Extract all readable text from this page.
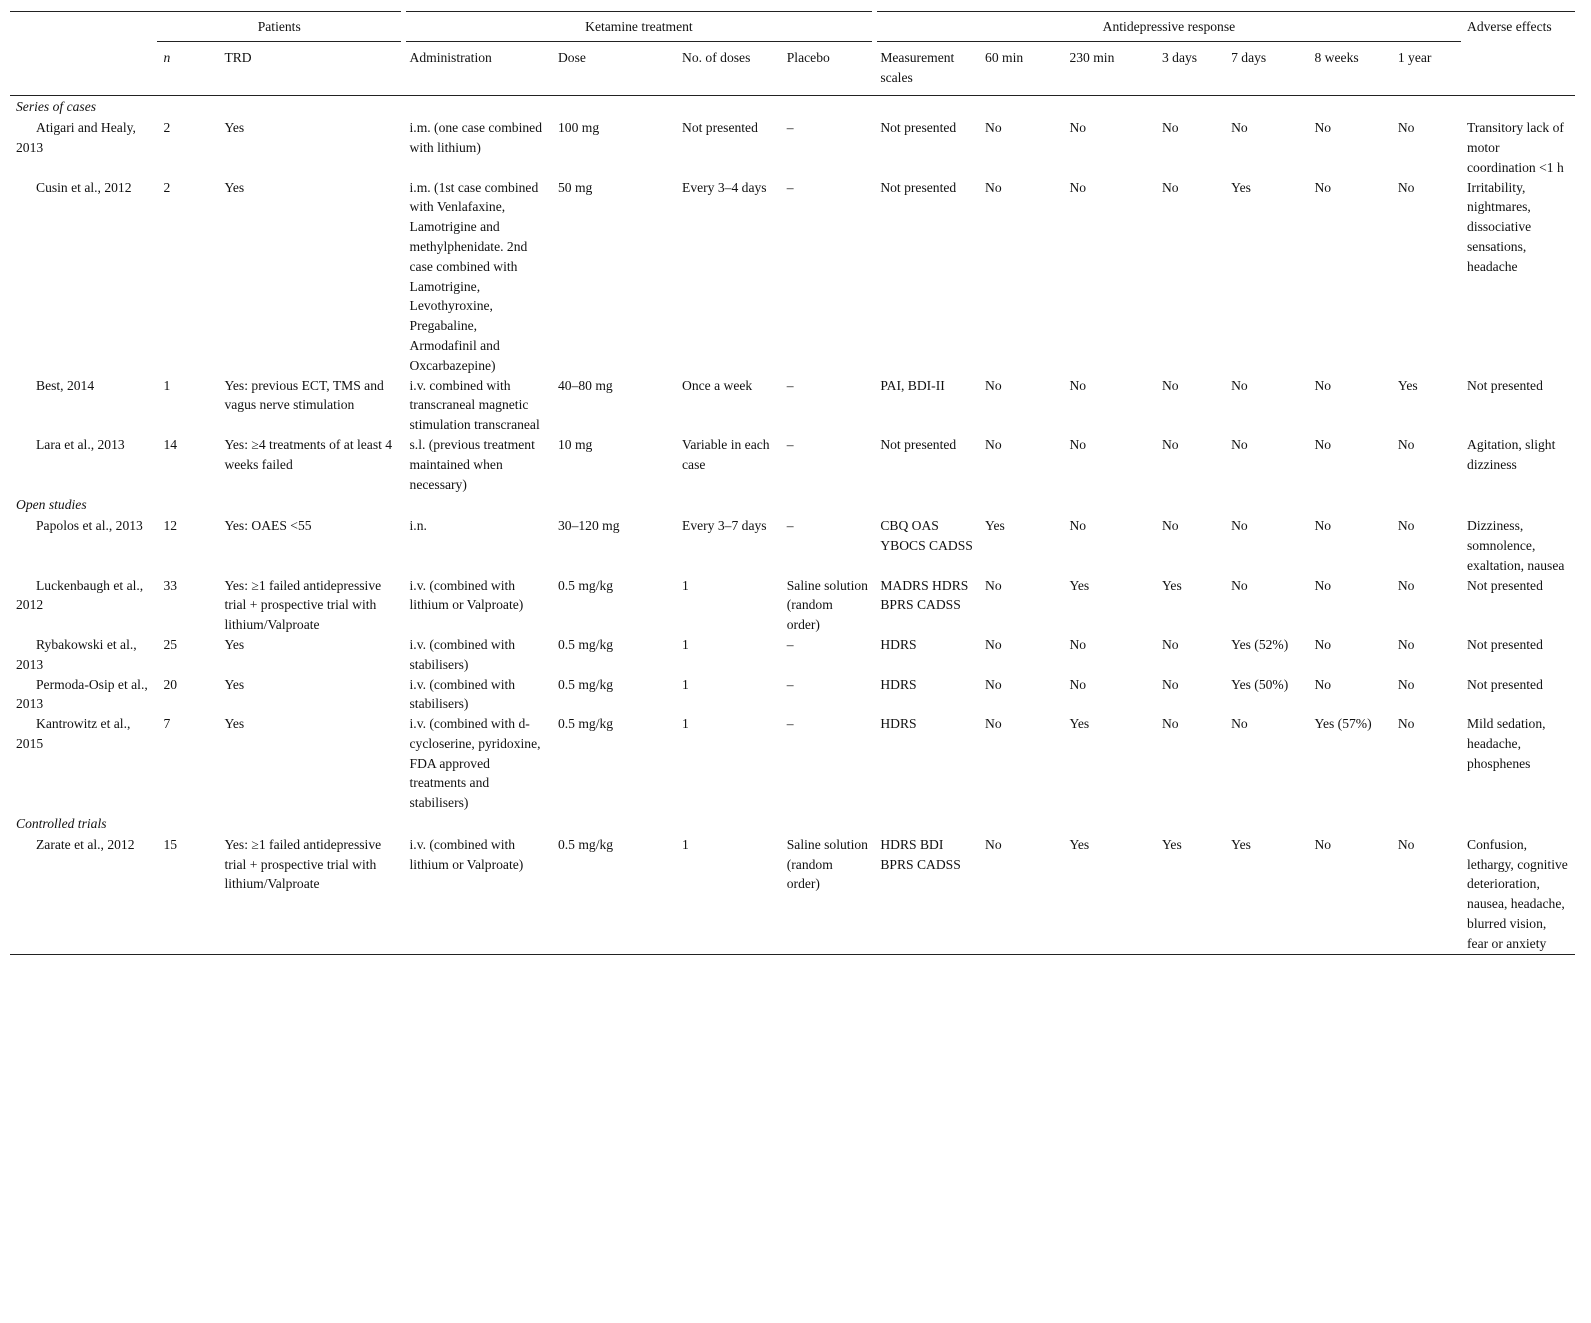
	Patients		Ketamine treatment				Antidepressive response							Adverse effects
	n	TRD	Administration	Dose	No. of doses	Placebo	Measurement scales	60 min	230 min	3 days	7 days	8 weeks	1 year	
Series of cases														
Atigari and Healy, 2013	2	Yes	i.m. (one case combined with lithium)	100 mg	Not presented	–	Not presented	No	No	No	No	No	No	Transitory lack of motor coordination <1 h
Cusin et al., 2012	2	Yes	i.m. (1st case combined with Venlafaxine, Lamotrigine and methylphenidate. 2nd case combined with Lamotrigine, Levothyroxine, Pregabaline, Armodafinil and Oxcarbazepine)	50 mg	Every 3–4 days	–	Not presented	No	No	No	Yes	No	No	Irritability, nightmares, dissociative sensations, headache
Best, 2014	1	Yes: previous ECT, TMS and vagus nerve stimulation	i.v. combined with transcraneal magnetic stimulation transcraneal	40–80 mg	Once a week	–	PAI, BDI-II	No	No	No	No	No	Yes	Not presented
Lara et al., 2013	14	Yes: ≥4 treatments of at least 4 weeks failed	s.l. (previous treatment maintained when necessary)	10 mg	Variable in each case	–	Not presented	No	No	No	No	No	No	Agitation, slight dizziness
Open studies														
Papolos et al., 2013	12	Yes: OAES <55	i.n.	30–120 mg	Every 3–7 days	–	CBQ OAS YBOCS CADSS	Yes	No	No	No	No	No	Dizziness, somnolence, exaltation, nausea
Luckenbaugh et al., 2012	33	Yes: ≥1 failed antidepressive trial + prospective trial with lithium/Valproate	i.v. (combined with lithium or Valproate)	0.5 mg/kg	1	Saline solution (random order)	MADRS HDRS BPRS CADSS	No	Yes	Yes	No	No	No	Not presented
Rybakowski et al., 2013	25	Yes	i.v. (combined with stabilisers)	0.5 mg/kg	1	–	HDRS	No	No	No	Yes (52%)	No	No	Not presented
Permoda-Osip et al., 2013	20	Yes	i.v. (combined with stabilisers)	0.5 mg/kg	1	–	HDRS	No	No	No	Yes (50%)	No	No	Not presented
Kantrowitz et al., 2015	7	Yes	i.v. (combined with d-cycloserine, pyridoxine, FDA approved treatments and stabilisers)	0.5 mg/kg	1	–	HDRS	No	Yes	No	No	Yes (57%)	No	Mild sedation, headache, phosphenes
Controlled trials														
Zarate et al., 2012	15	Yes: ≥1 failed antidepressive trial + prospective trial with lithium/Valproate	i.v. (combined with lithium or Valproate)	0.5 mg/kg	1	Saline solution (random order)	HDRS BDI BPRS CADSS	No	Yes	Yes	Yes	No	No	Confusion, lethargy, cognitive deterioration, nausea, headache, blurred vision, fear or anxiety
